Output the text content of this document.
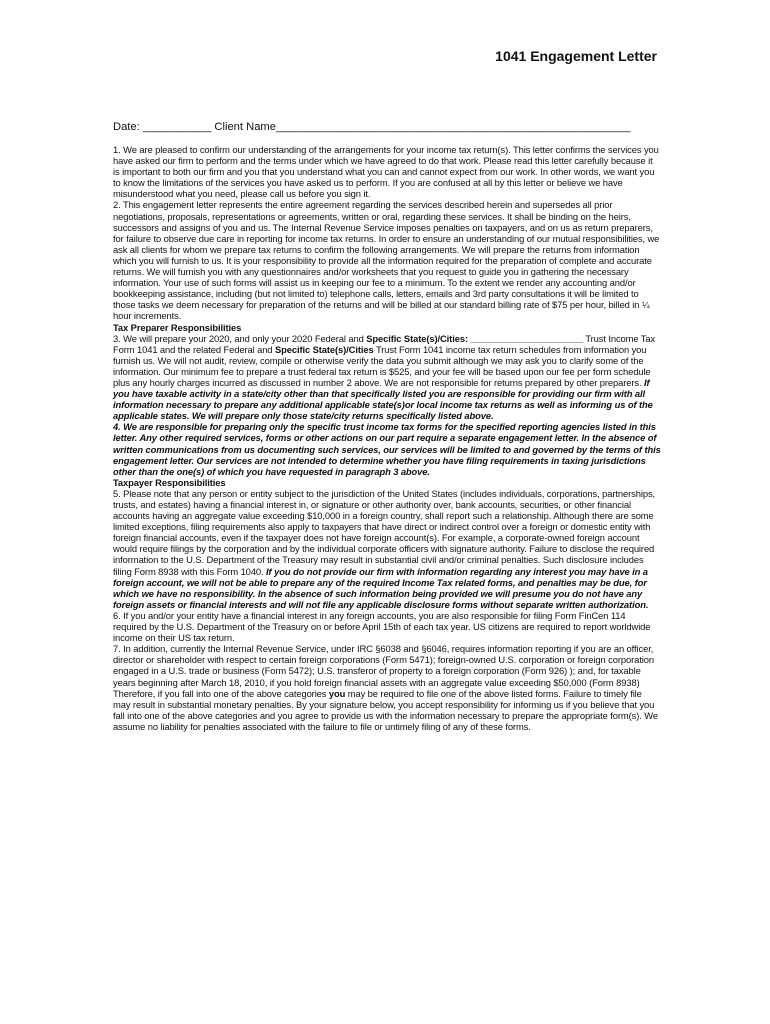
1041 Engagement Letter
Date: ___________ Client Name_________________________________________________________

1. We are pleased to confirm our understanding of the arrangements for your income tax return(s). This letter confirms the services you have asked our firm to perform and the terms under which we have agreed to do that work. Please read this letter carefully because it is important to both our firm and you that you understand what you can and cannot expect from our work. In other words, we want you to know the limitations of the services you have asked us to perform. If you are confused at all by this letter or believe we have misunderstood what you need, please call us before you sign it.

2. This engagement letter represents the entire agreement regarding the services described herein and supersedes all prior negotiations, proposals, representations or agreements, written or oral, regarding these services. It shall be binding on the heirs, successors and assigns of you and us. The Internal Revenue Service imposes penalties on taxpayers, and on us as return preparers, for failure to observe due care in reporting for income tax returns. In order to ensure an understanding of our mutual responsibilities, we ask all clients for whom we prepare tax returns to confirm the following arrangements. We will prepare the returns from information which you will furnish to us. It is your responsibility to provide all the information required for the preparation of complete and accurate returns. We will furnish you with any questionnaires and/or worksheets that you request to guide you in gathering the necessary information. Your use of such forms will assist us in keeping our fee to a minimum. To the extent we render any accounting and/or bookkeeping assistance, including (but not limited to) telephone calls, letters, emails and 3rd party consultations it will be limited to those tasks we deem necessary for preparation of the returns and will be billed at our standard billing rate of $75 per hour, billed in ¼ hour increments.

Tax Preparer Responsibilities

3. We will prepare your 2020, and only your 2020 Federal and Specific State(s)/Cities: ______________________ Trust Income Tax Form 1041 and the related Federal and Specific State(s)/Cities Trust Form 1041 income tax return schedules from information you furnish us. We will not audit, review, compile or otherwise verify the data you submit although we may ask you to clarify some of the information. Our minimum fee to prepare a trust federal tax return is $525, and your fee will be based upon our fee per form schedule plus any hourly charges incurred as discussed in number 2 above. We are not responsible for returns prepared by other preparers. If you have taxable activity in a state/city other than that specifically listed you are responsible for providing our firm with all information necessary to prepare any additional applicable state(s)or local income tax returns as well as informing us of the applicable states. We will prepare only those state/city returns specifically listed above.

4. We are responsible for preparing only the specific trust income tax forms for the specified reporting agencies listed in this letter. Any other required services, forms or other actions on our part require a separate engagement letter. In the absence of written communications from us documenting such services, our services will be limited to and governed by the terms of this engagement letter. Our services are not intended to determine whether you have filing requirements in taxing jurisdictions other than the one(s) of which you have requested in paragraph 3 above.

Taxpayer Responsibilities

5. Please note that any person or entity subject to the jurisdiction of the United States (includes individuals, corporations, partnerships, trusts, and estates) having a financial interest in, or signature or other authority over, bank accounts, securities, or other financial accounts having an aggregate value exceeding $10,000 in a foreign country, shall report such a relationship. Although there are some limited exceptions, filing requirements also apply to taxpayers that have direct or indirect control over a foreign or domestic entity with foreign financial accounts, even if the taxpayer does not have foreign account(s). For example, a corporate-owned foreign account would require filings by the corporation and by the individual corporate officers with signature authority. Failure to disclose the required information to the U.S. Department of the Treasury may result in substantial civil and/or criminal penalties. Such disclosure includes filing Form 8938 with this Form 1040. If you do not provide our firm with information regarding any interest you may have in a foreign account, we will not be able to prepare any of the required Income Tax related forms, and penalties may be due, for which we have no responsibility. In the absence of such information being provided we will presume you do not have any foreign assets or financial interests and will not file any applicable disclosure forms without separate written authorization.

6. If you and/or your entity have a financial interest in any foreign accounts, you are also responsible for filing Form FinCen 114 required by the U.S. Department of the Treasury on or before April 15th of each tax year. US citizens are required to report worldwide income on their US tax return.

7. In addition, currently the Internal Revenue Service, under IRC §6038 and §6046, requires information reporting if you are an officer, director or shareholder with respect to certain foreign corporations (Form 5471); foreign-owned U.S. corporation or foreign corporation engaged in a U.S. trade or business (Form 5472); U.S. transferor of property to a foreign corporation (Form 926) ); and, for taxable years beginning after March 18, 2010, if you hold foreign financial assets with an aggregate value exceeding $50,000 (Form 8938) Therefore, if you fall into one of the above categories you may be required to file one of the above listed forms. Failure to timely file may result in substantial monetary penalties. By your signature below, you accept responsibility for informing us if you believe that you fall into one of the above categories and you agree to provide us with the information necessary to prepare the appropriate form(s). We assume no liability for penalties associated with the failure to file or untimely filing of any of these forms.
